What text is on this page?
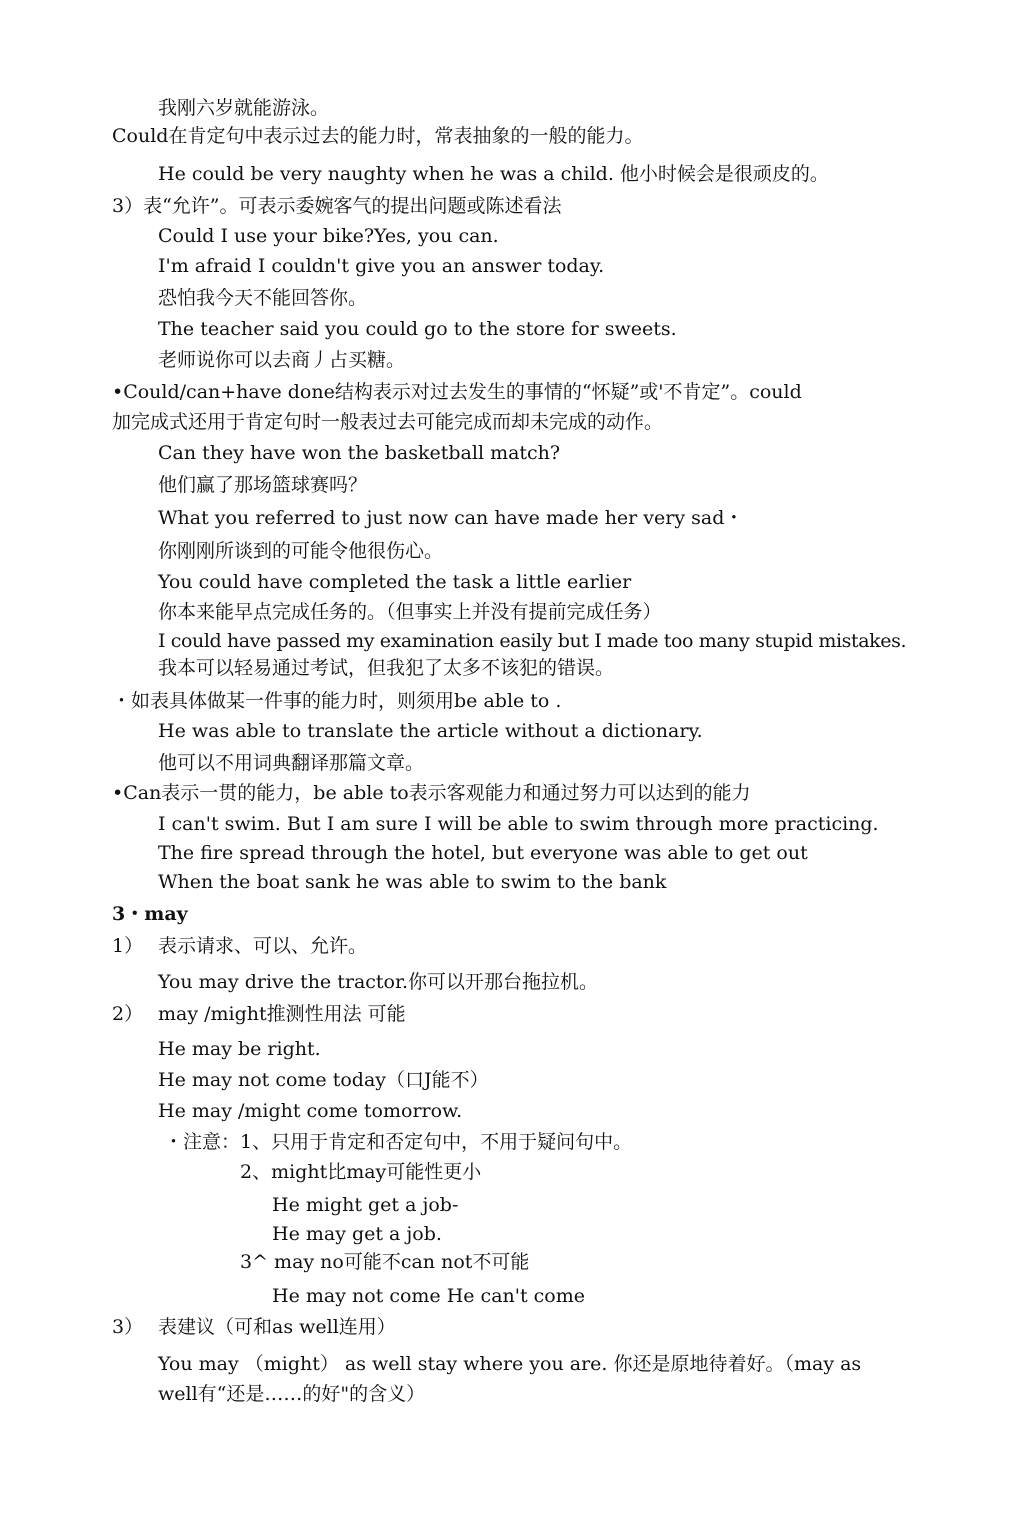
我刚六岁就能游泳。
Could在肯定句中表示过去的能力时，常表抽象的一般的能力。
He could be very naughty when he was a child. 他小时候会是很顽皮的。
3）表“允许”。可表示委婉客气的提出问题或陈述看法
Could I use your bike?Yes, you can.
I'm afraid I couldn't give you an answer today.
恐怕我今天不能回答你。
The teacher said you could go to the store for sweets.
老师说你可以去商丿占买糖。
•Could/can+have done结构表示对过去发生的事情的“怀疑”或'不肯定”。could
加完成式还用于肯定句时一般表过去可能完成而却未完成的动作。
Can they have won the basketball match?
他们赢了那场篮球赛吗？
What you referred to just now can have made her very sad・
你刚刚所谈到的可能令他很伤心。
You could have completed the task a little earlier
你本来能早点完成任务的。（但事实上并没有提前完成任务）
I could have passed my examination easily but I made too many stupid mistakes.
我本可以轻易通过考试，但我犯了太多不该犯的错误。
・如表具体做某一件事的能力时，则须用be able to .
He was able to translate the article without a dictionary.
他可以不用词典翻译那篇文章。
•Can表示一贯的能力，be able to表示客观能力和通过努力可以达到的能力
I can't swim. But I am sure I will be able to swim through more practicing.
The fire spread through the hotel, but everyone was able to get out
When the boat sank he was able to swim to the bank
3・may
1） 表示请求、可以、允许。
You may drive the tractor.你可以开那台拖拉机。
2） may /might推测性用法 可能
He may be right.
He may not come today（口J能不）
He may /might come tomorrow.
・注意：1、只用于肯定和否定句中，不用于疑问句中。
2、might比may可能性更小
He might get a job-
He may get a job.
3^ may no可能不can not不可能
He may not come He can't come
3） 表建议（可和as well连用）
You may （might） as well stay where you are. 你还是原地待着好。（may as
well有“还是……的好"的含义）
